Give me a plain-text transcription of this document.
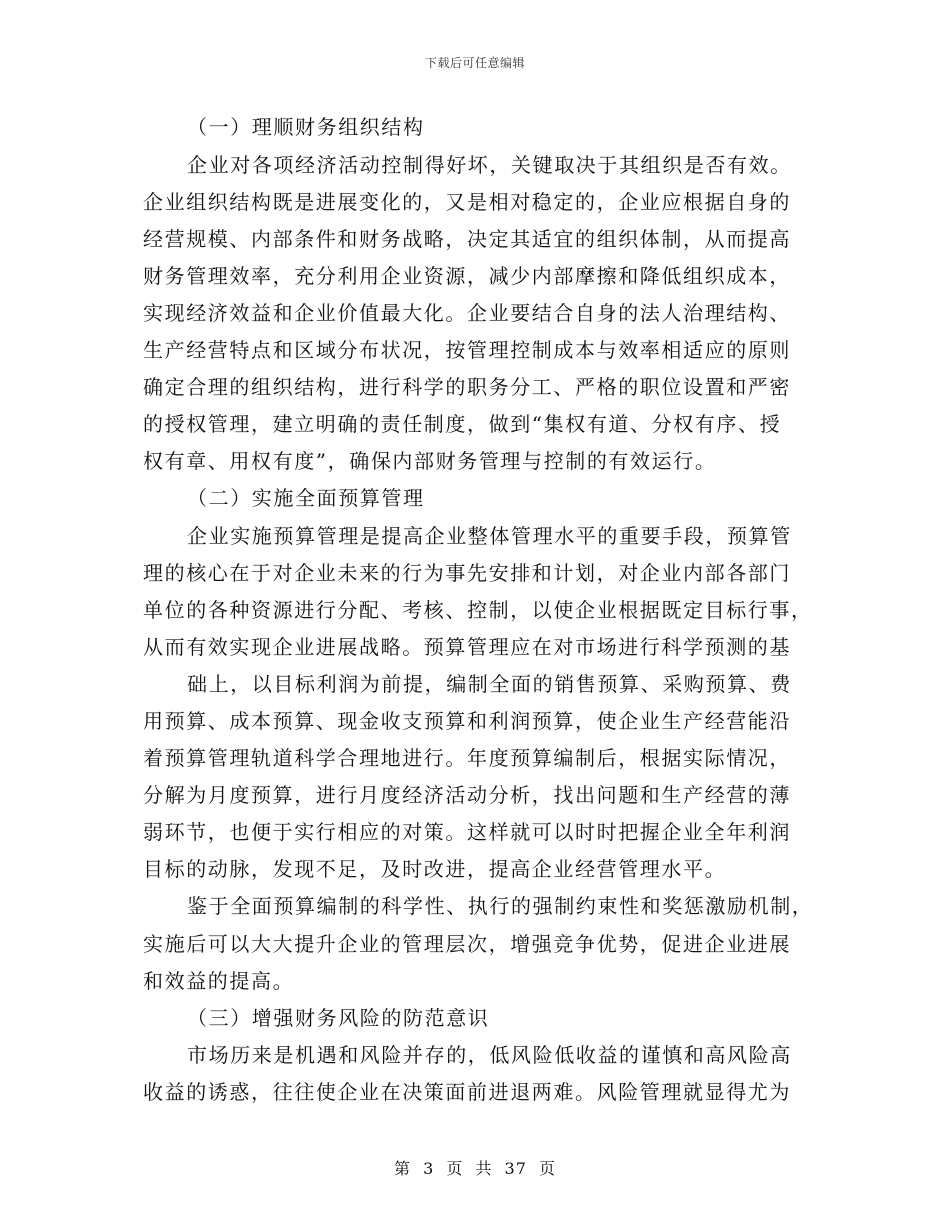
下载后可任意编辑
（一）理顺财务组织结构
企业对各项经济活动控制得好坏，关键取决于其组织是否有效。
企业组织结构既是进展变化的，又是相对稳定的，企业应根据自身的
经营规模、内部条件和财务战略，决定其适宜的组织体制，从而提高
财务管理效率，充分利用企业资源，减少内部摩擦和降低组织成本，
实现经济效益和企业价值最大化。企业要结合自身的法人治理结构、
生产经营特点和区域分布状况，按管理控制成本与效率相适应的原则
确定合理的组织结构，进行科学的职务分工、严格的职位设置和严密
的授权管理，建立明确的责任制度，做到“集权有道、分权有序、授
权有章、用权有度”，确保内部财务管理与控制的有效运行。
（二）实施全面预算管理
企业实施预算管理是提高企业整体管理水平的重要手段，预算管
理的核心在于对企业未来的行为事先安排和计划，对企业内部各部门
单位的各种资源进行分配、考核、控制，以使企业根据既定目标行事，
从而有效实现企业进展战略。预算管理应在对市场进行科学预测的基
础上，以目标利润为前提，编制全面的销售预算、采购预算、费
用预算、成本预算、现金收支预算和利润预算，使企业生产经营能沿
着预算管理轨道科学合理地进行。年度预算编制后，根据实际情况，
分解为月度预算，进行月度经济活动分析，找出问题和生产经营的薄
弱环节，也便于实行相应的对策。这样就可以时时把握企业全年利润
目标的动脉，发现不足，及时改进，提高企业经营管理水平。
鉴于全面预算编制的科学性、执行的强制约束性和奖惩激励机制，
实施后可以大大提升企业的管理层次，增强竞争优势，促进企业进展
和效益的提高。
（三）增强财务风险的防范意识
市场历来是机遇和风险并存的，低风险低收益的谨慎和高风险高
收益的诱惑，往往使企业在决策面前进退两难。风险管理就显得尤为
第 3 页 共 37 页
